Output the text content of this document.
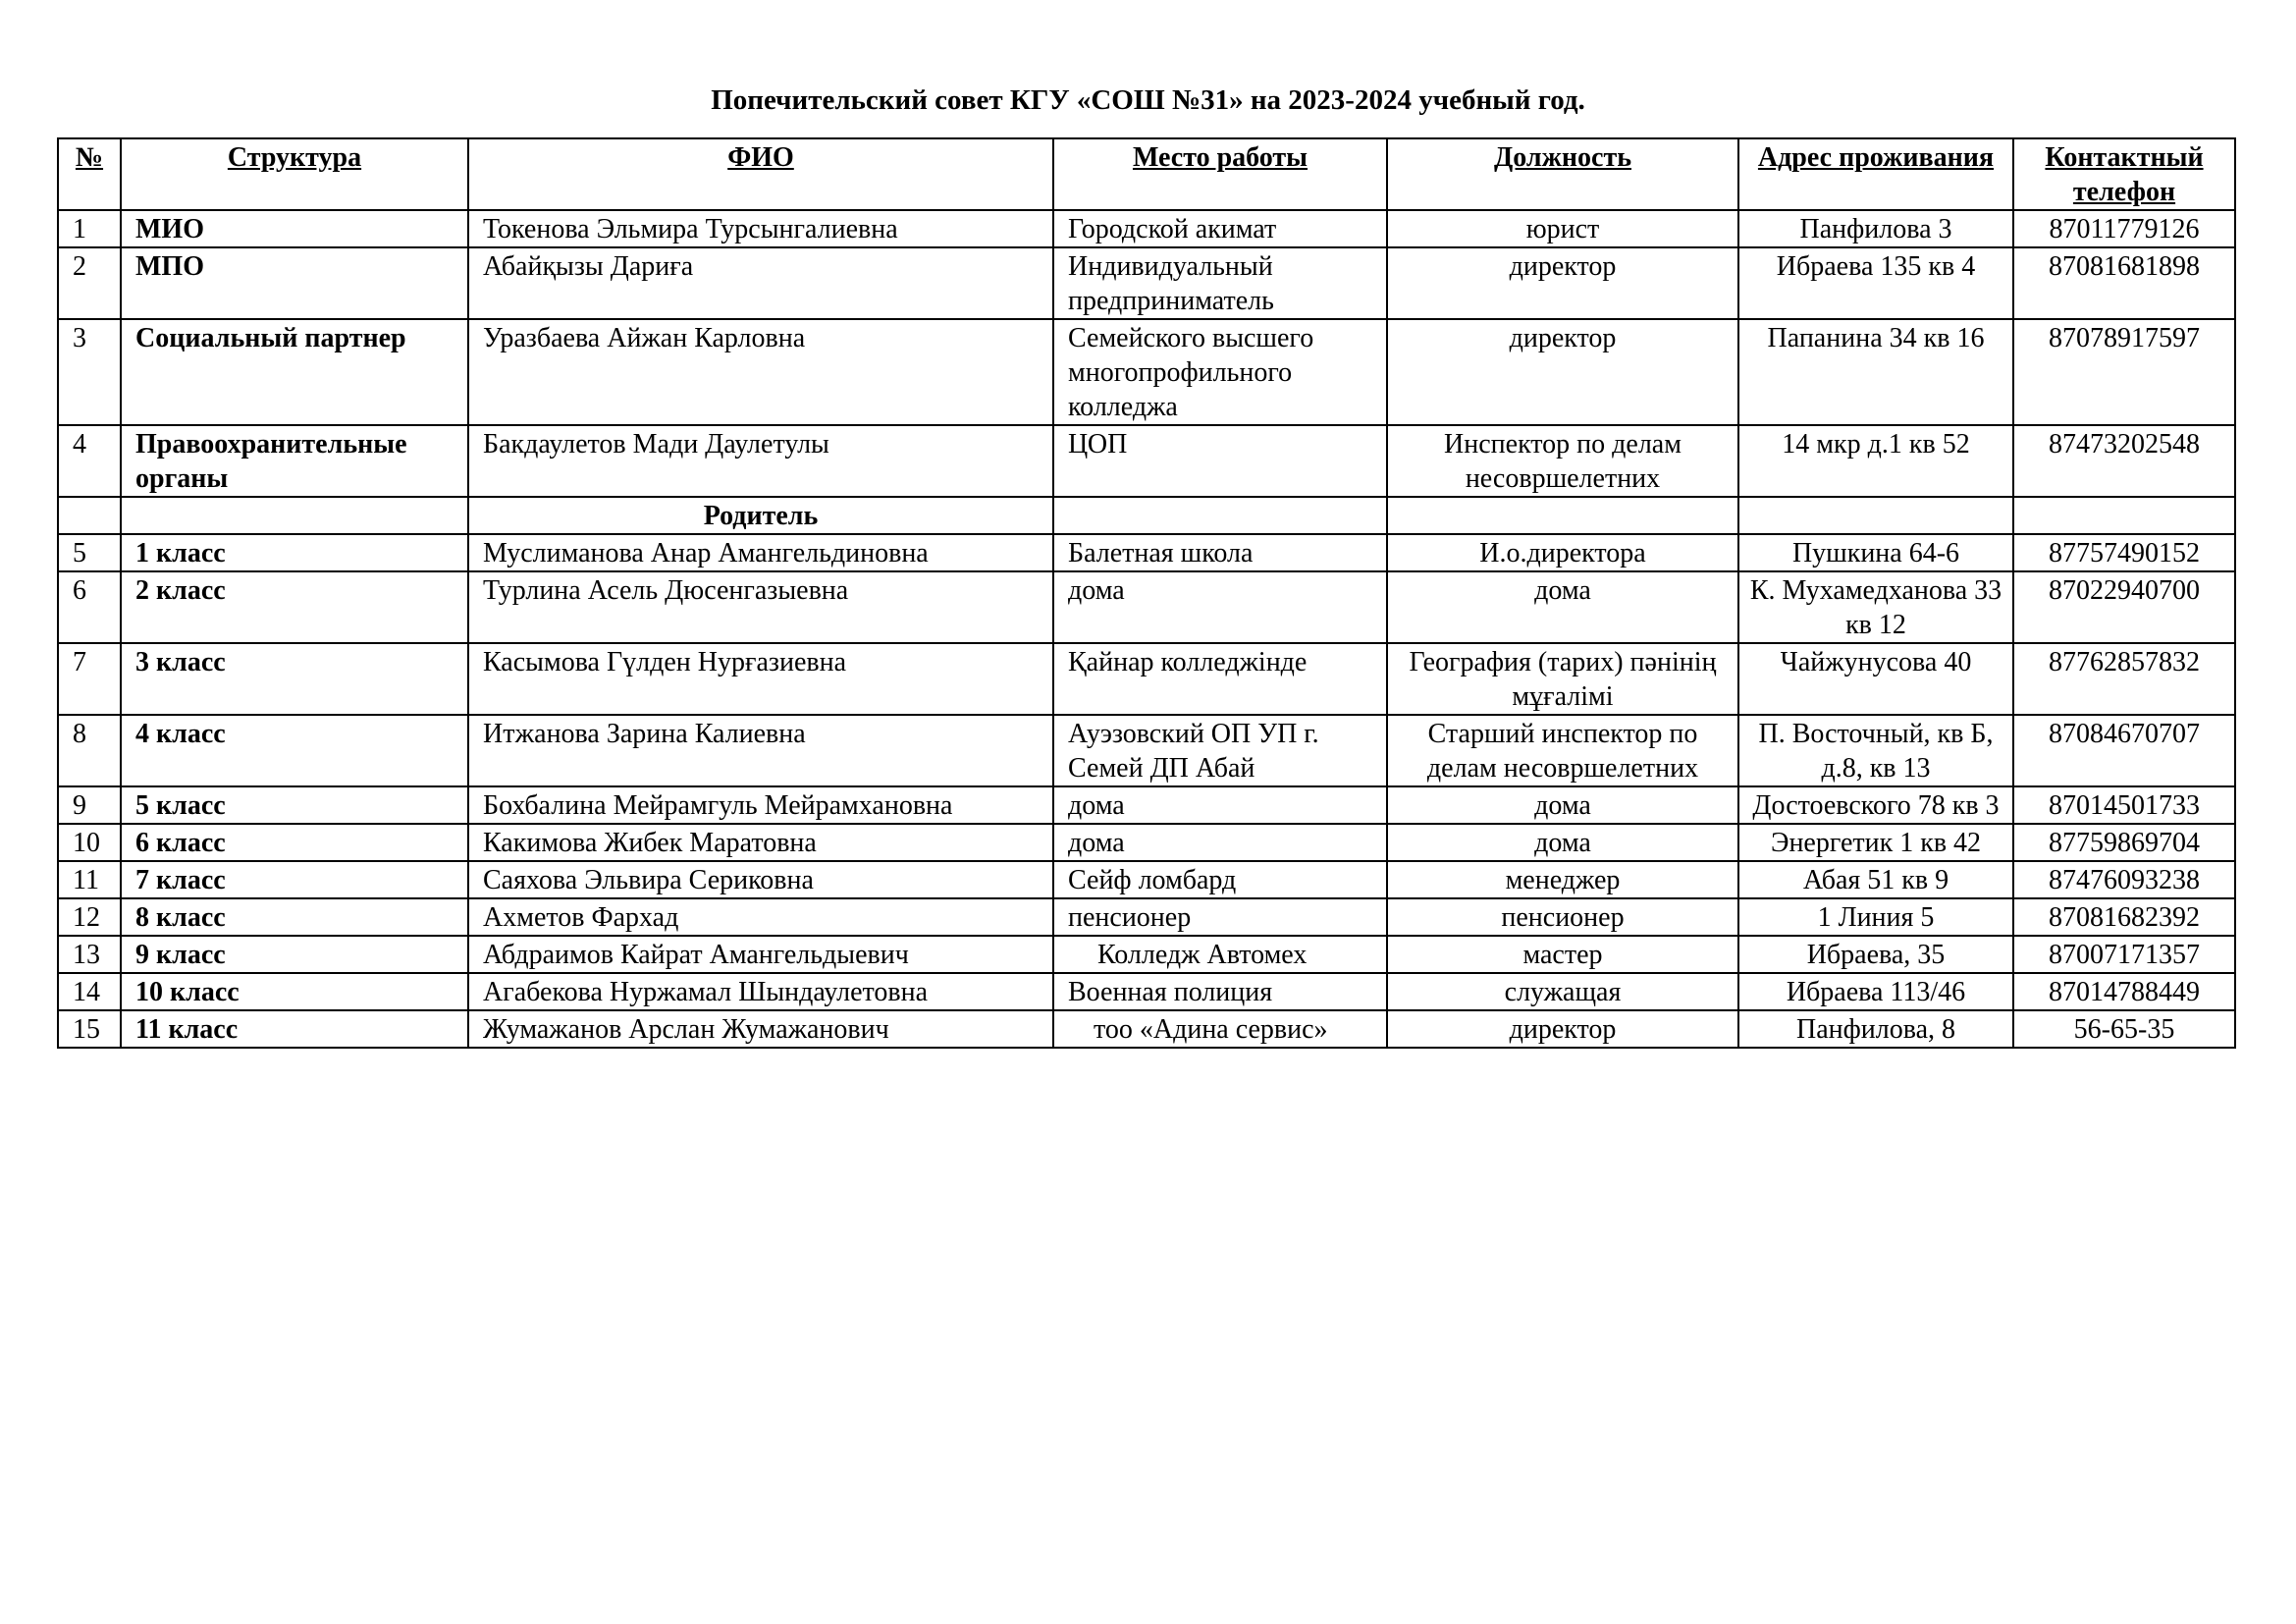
Попечительский совет КГУ «СОШ №31» на 2023-2024 учебный год.
№	Структура	ФИО	Место работы	Должность	Адрес проживания	Контактный телефон
1	МИО	Токенова Эльмира Турсынгалиевна	Городской акимат	юрист	Панфилова 3	87011779126
2	МПО	Абайқызы Дариға	Индивидуальный предприниматель	директор	Ибраева 135 кв 4	87081681898
3	Социальный партнер	Уразбаева Айжан Карловна	Семейского высшего многопрофильного колледжа	директор	Папанина 34 кв 16	87078917597
4	Правоохранительные органы	Бакдаулетов Мади Даулетулы	ЦОП	Инспектор по делам несовршелетних	14 мкр д.1 кв 52	87473202548
		Родитель				
5	1 класс	Муслиманова Анар Амангельдиновна	Балетная школа	И.о.директора	Пушкина 64-6	87757490152
6	2 класс	Турлина Асель Дюсенгазыевна	дома	дома	К. Мухамедханова 33 кв 12	87022940700
7	3 класс	Касымова Гүлден Нурғазиевна	Қайнар колледжінде	География (тарих) пәнінің мұғалімі	Чайжунусова 40	87762857832
8	4 класс	Итжанова Зарина Калиевна	Ауэзовский ОП УП г. Семей ДП Абай	Старший инспектор по делам несовршелетних	П. Восточный, кв Б, д.8, кв 13	87084670707
9	5 класс	Бохбалина Мейрамгуль Мейрамхановна	дома	дома	Достоевского 78 кв 3	87014501733
10	6 класс	Какимова Жибек Маратовна	дома	дома	Энергетик 1 кв 42	87759869704
11	7 класс	Саяхова Эльвира Сериковна	Сейф ломбард	менеджер	Абая 51 кв 9	87476093238
12	8 класс	Ахметов Фархад	пенсионер	пенсионер	1 Линия 5	87081682392
13	9 класс	Абдраимов Кайрат Амангельдыевич	Колледж Автомех	мастер	Ибраева, 35	87007171357
14	10 класс	Агабекова Нуржамал Шындаулетовна	Военная полиция	служащая	Ибраева 113/46	87014788449
15	11 класс	Жумажанов Арслан Жумажанович	тоо «Адина сервис»	директор	Панфилова, 8	56-65-35
